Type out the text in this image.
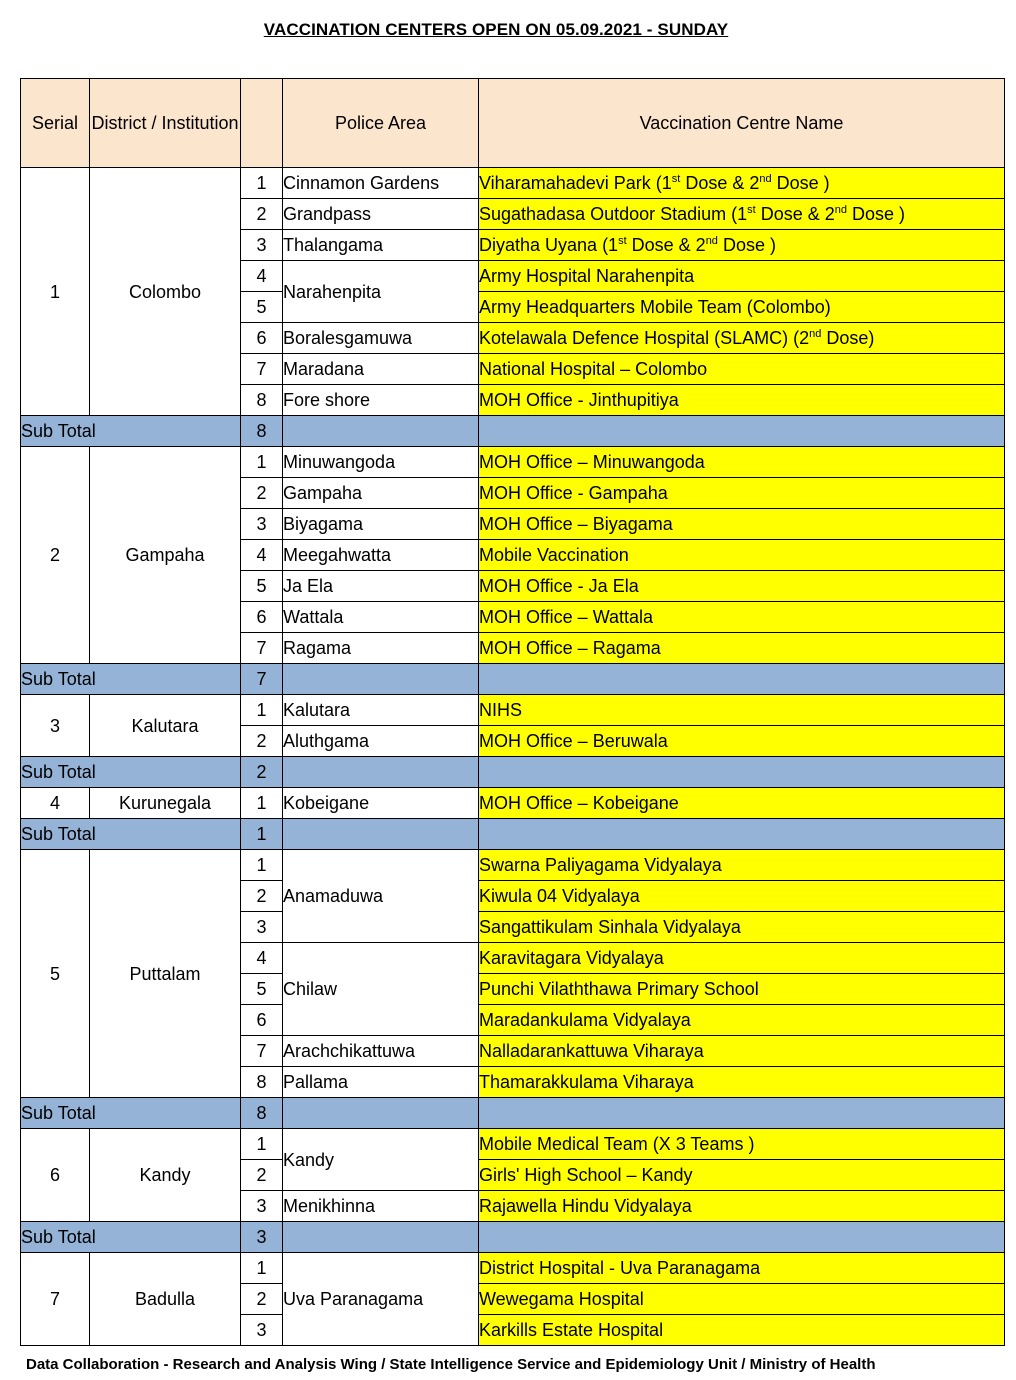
VACCINATION CENTERS OPEN ON 05.09.2021 - SUNDAY
Serial	District / Institution		Police Area	Vaccination Centre Name
1	Colombo	1	Cinnamon Gardens	Viharamahadevi Park (1st Dose & 2nd Dose )
		2	Grandpass	Sugathadasa Outdoor Stadium (1st Dose & 2nd Dose )
		3	Thalangama	Diyatha Uyana (1st Dose & 2nd Dose )
		4	Narahenpita	Army Hospital Narahenpita
		5		Army Headquarters Mobile Team (Colombo)
		6	Boralesgamuwa	Kotelawala Defence Hospital (SLAMC) (2nd Dose)
		7	Maradana	National Hospital – Colombo
		8	Fore shore	MOH Office - Jinthupitiya
Sub Total		8		
2	Gampaha	1	Minuwangoda	MOH Office – Minuwangoda
		2	Gampaha	MOH Office - Gampaha
		3	Biyagama	MOH Office – Biyagama
		4	Meegahwatta	Mobile Vaccination
		5	Ja Ela	MOH Office - Ja Ela
		6	Wattala	MOH Office – Wattala
		7	Ragama	MOH Office – Ragama
Sub Total		7		
3	Kalutara	1	Kalutara	NIHS
		2	Aluthgama	MOH Office – Beruwala
Sub Total		2		
4	Kurunegala	1	Kobeigane	MOH Office – Kobeigane
Sub Total		1		
5	Puttalam	1	Anamaduwa	Swarna Paliyagama Vidyalaya
		2		Kiwula 04 Vidyalaya
		3		Sangattikulam Sinhala Vidyalaya
		4	Chilaw	Karavitagara Vidyalaya
		5		Punchi Vilaththawa Primary School
		6		Maradankulama Vidyalaya
		7	Arachchikattuwa	Nalladarankattuwa Viharaya
		8	Pallama	Thamarakkulama Viharaya
Sub Total		8		
6	Kandy	1	Kandy	Mobile Medical Team (X 3 Teams )
		2		Girls' High School – Kandy
		3	Menikhinna	Rajawella Hindu Vidyalaya
Sub Total		3		
7	Badulla	1	Uva Paranagama	District Hospital - Uva Paranagama
		2		Wewegama Hospital
		3		Karkills Estate Hospital
Data Collaboration - Research and Analysis Wing / State Intelligence Service and Epidemiology Unit / Ministry of Health
